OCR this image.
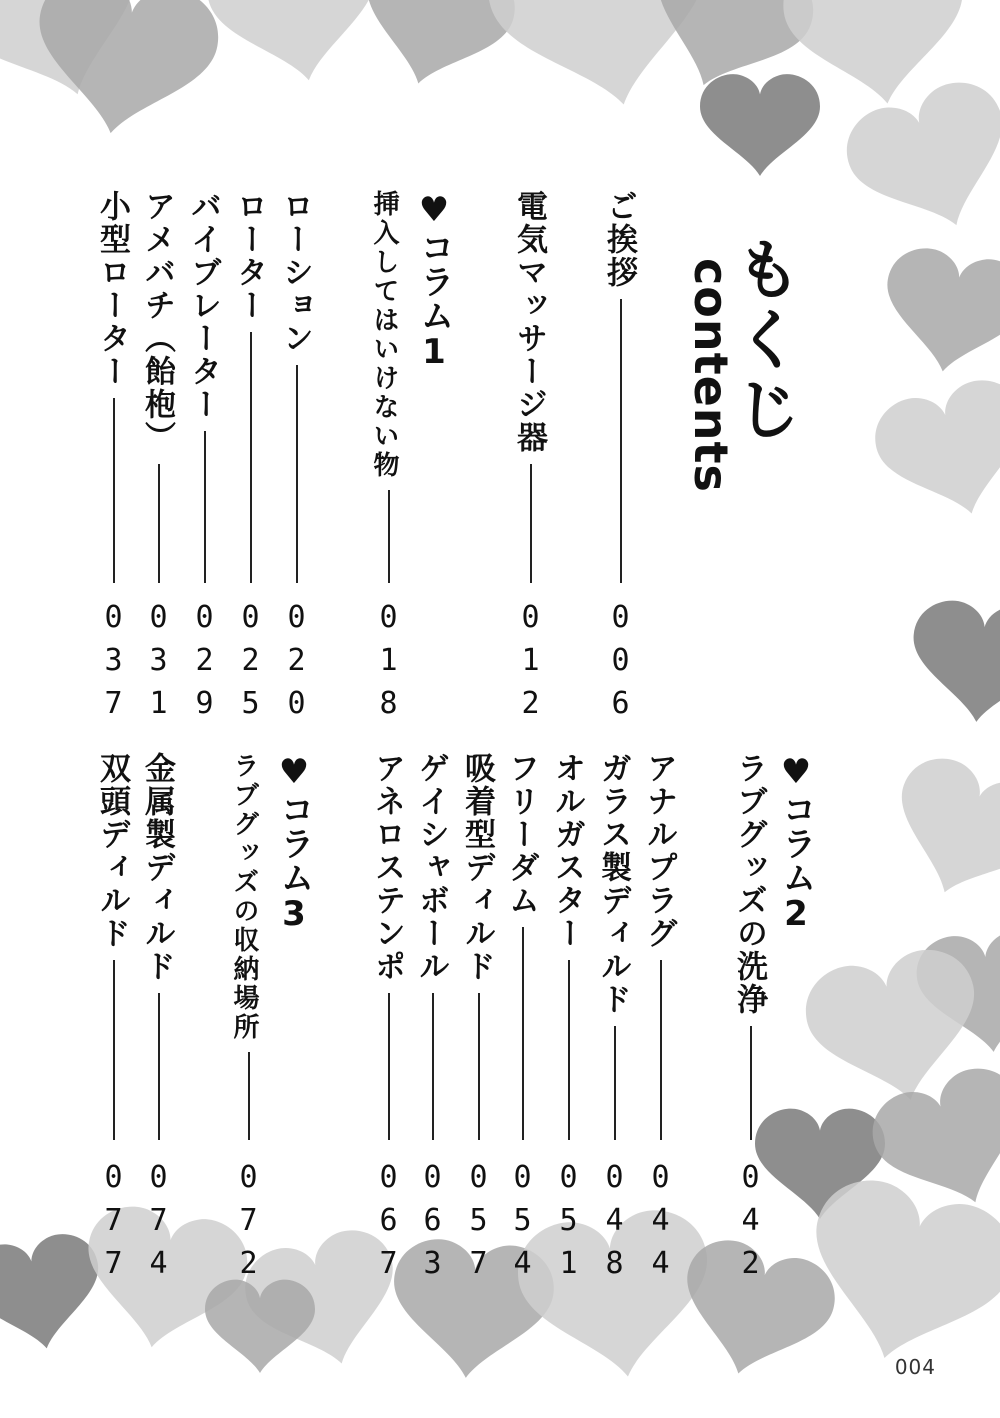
もくじ
contents
ご挨拶
006
電気マッサージ器
012
♥コラム1
挿入してはいけない物
018
ローション
020
ローター
025
バイブレーター
029
アメバチ（飴枹）
031
小型ローター
037
♥コラム2
ラブグッズの洗浄
042
アナルプラグ
044
ガラス製ディルド
048
オルガスター
051
フリーダム
054
吸着型ディルド
057
ゲイシャボール
063
アネロステンポ
067
♥コラム3
ラブグッズの収納場所
072
金属製ディルド
074
双頭ディルド
077
004
